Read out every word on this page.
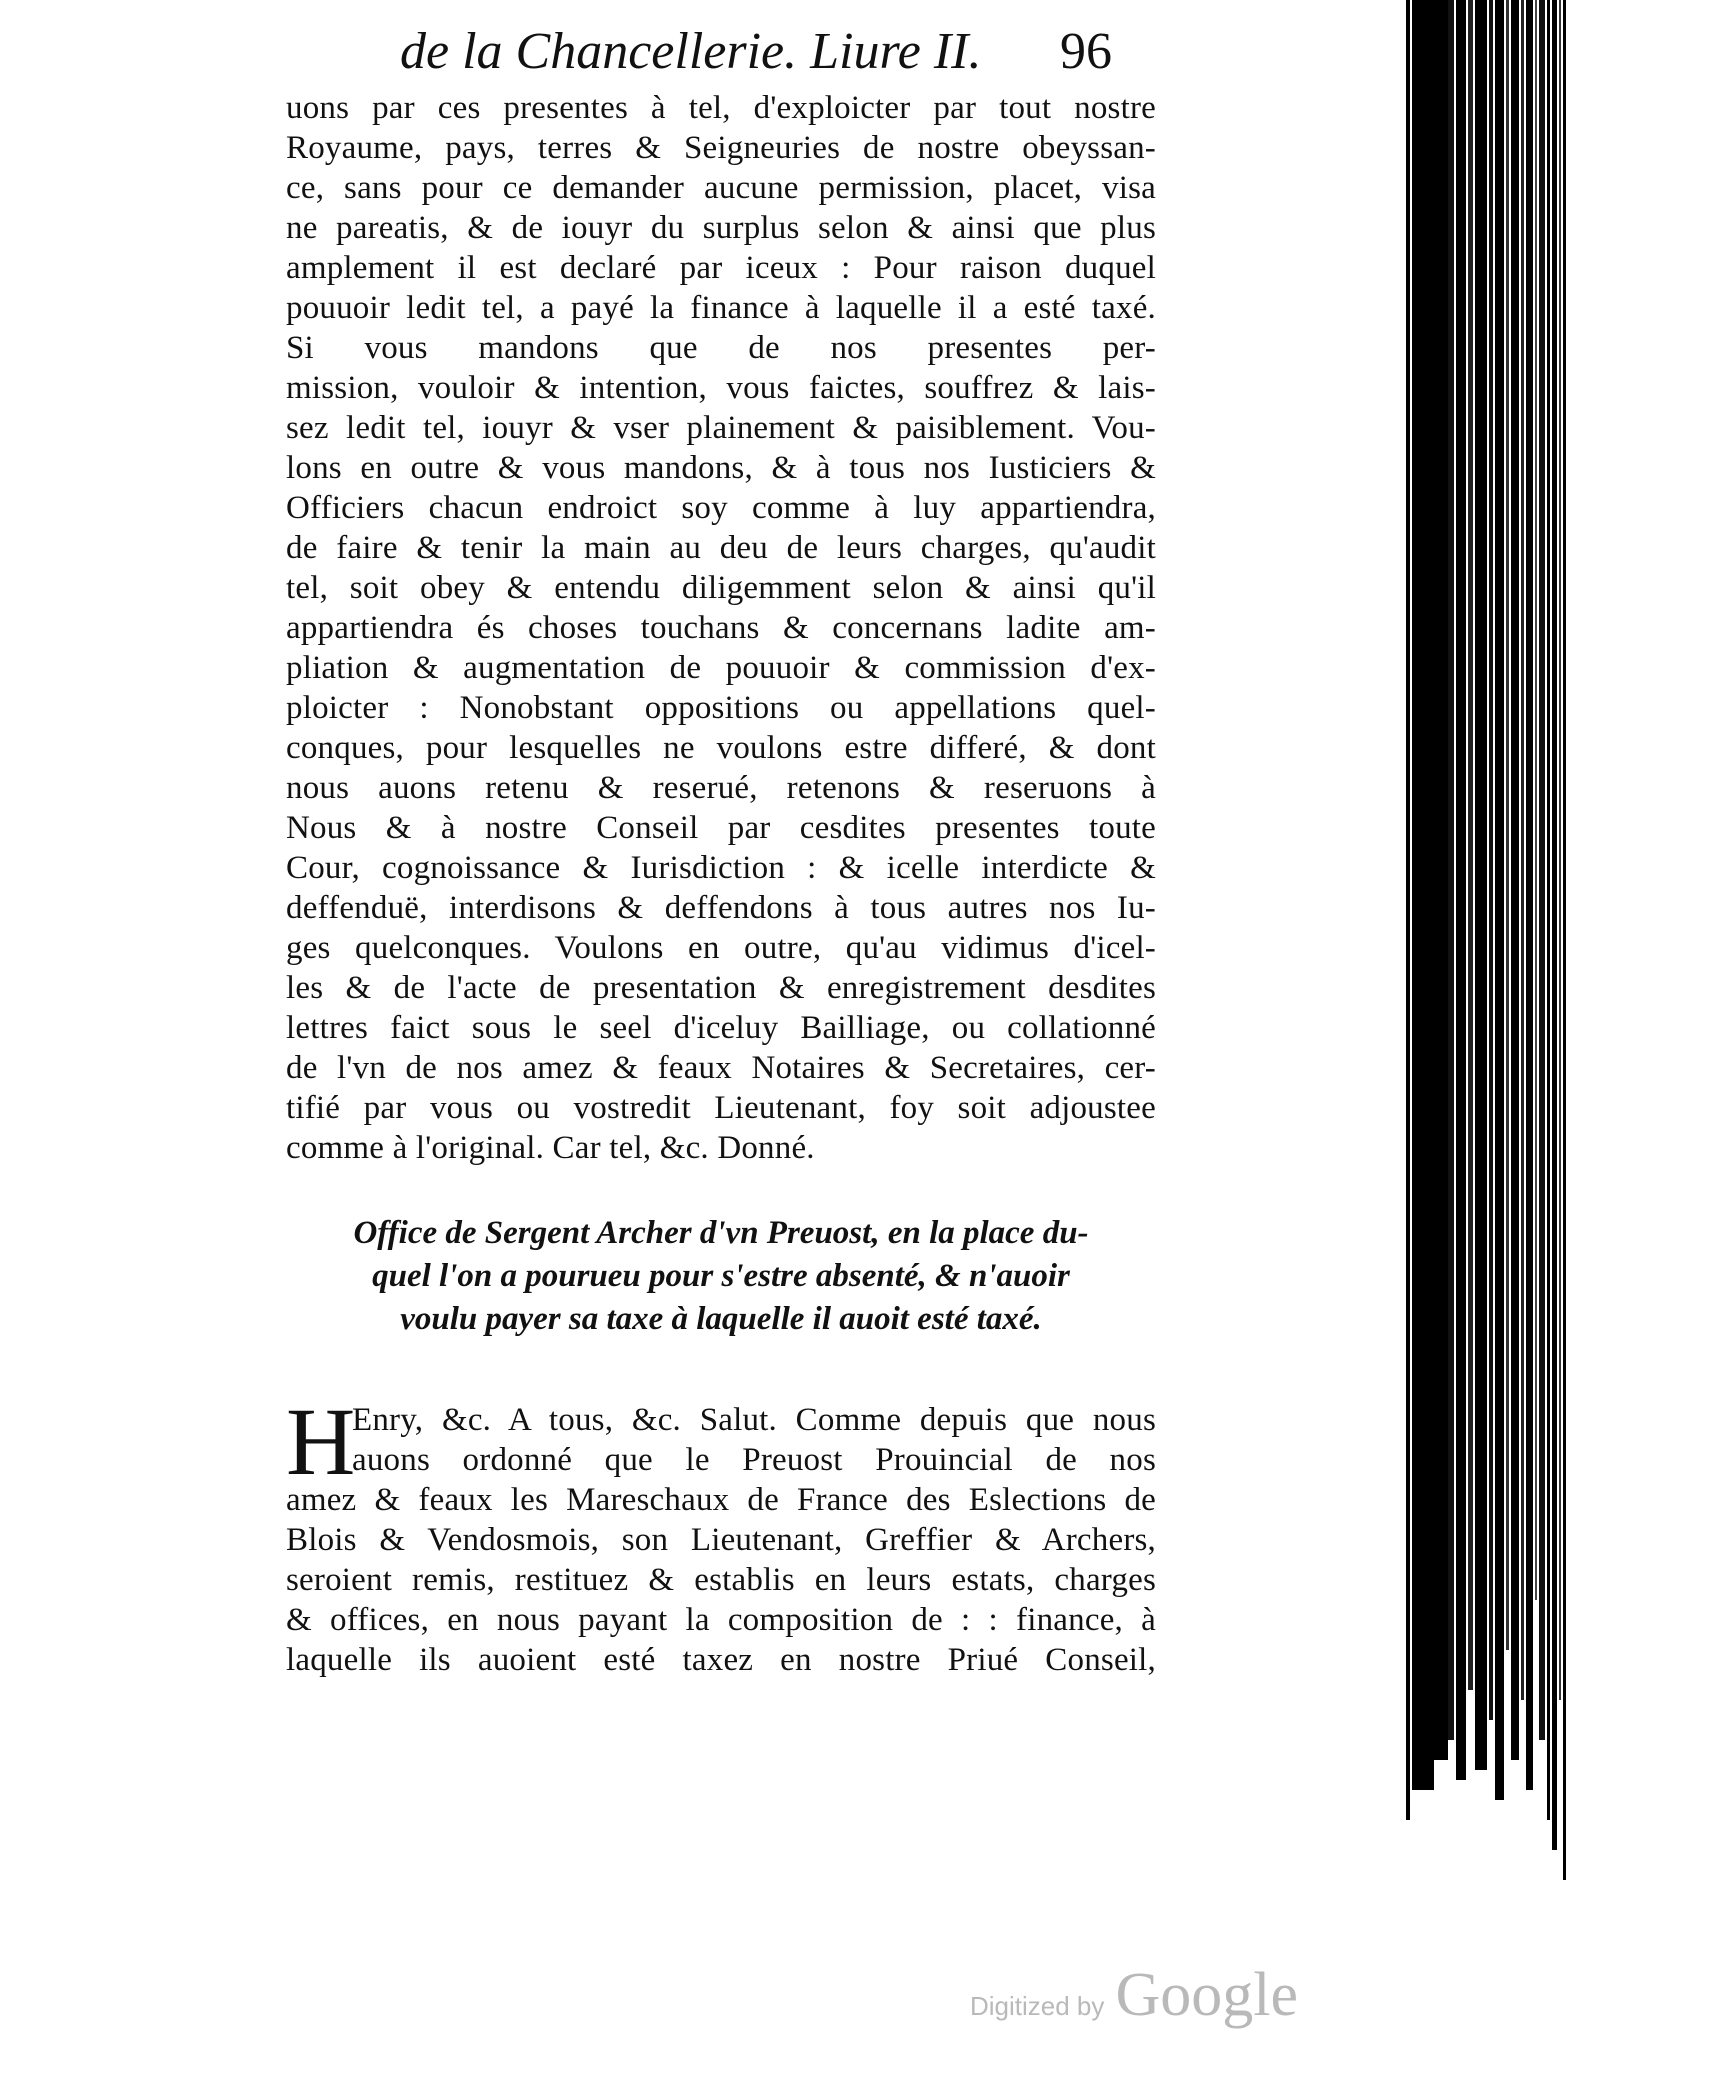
de la Chancellerie. Liure II. 96
uons par ces presentes à tel, d'exploicter par tout nostre
Royaume, pays, terres & Seigneuries de nostre obeyssan-
ce, sans pour ce demander aucune permission, placet, visa
ne pareatis, & de iouyr du surplus selon & ainsi que plus
amplement il est declaré par iceux : Pour raison duquel
pouuoir ledit tel, a payé la finance à laquelle il a esté taxé.
Si vous mandons que de nos presentes per-
mission, vouloir & intention, vous faictes, souffrez & lais-
sez ledit tel, iouyr & vser plainement & paisiblement. Vou-
lons en outre & vous mandons, & à tous nos Iusticiers &
Officiers chacun endroict soy comme à luy appartiendra,
de faire & tenir la main au deu de leurs charges, qu'audit
tel, soit obey & entendu diligemment selon & ainsi qu'il
appartiendra és choses touchans & concernans ladite am-
pliation & augmentation de pouuoir & commission d'ex-
ploicter : Nonobstant oppositions ou appellations quel-
conques, pour lesquelles ne voulons estre differé, & dont
nous auons retenu & reserué, retenons & reseruons à
Nous & à nostre Conseil par cesdites presentes toute
Cour, cognoissance & Iurisdiction : & icelle interdicte &
deffenduë, interdisons & deffendons à tous autres nos Iu-
ges quelconques. Voulons en outre, qu'au vidimus d'icel-
les & de l'acte de presentation & enregistrement desdites
lettres faict sous le seel d'iceluy Bailliage, ou collationné
de l'vn de nos amez & feaux Notaires & Secretaires, cer-
tifié par vous ou vostredit Lieutenant, foy soit adjoustee
comme à l'original. Car tel, &c. Donné.
Office de Sergent Archer d'vn Preuost, en la place du-
quel l'on a pourueu pour s'estre absenté, & n'auoir
voulu payer sa taxe à laquelle il auoit esté taxé.
H
Enry, &c. A tous, &c. Salut. Comme depuis que nous
auons ordonné que le Preuost Prouincial de nos
amez & feaux les Mareschaux de France des Eslections de
Blois & Vendosmois, son Lieutenant, Greffier & Archers,
seroient remis, restituez & establis en leurs estats, charges
& offices, en nous payant la composition de : : finance, à
laquelle ils auoient esté taxez en nostre Priué Conseil,
Digitized by Google
